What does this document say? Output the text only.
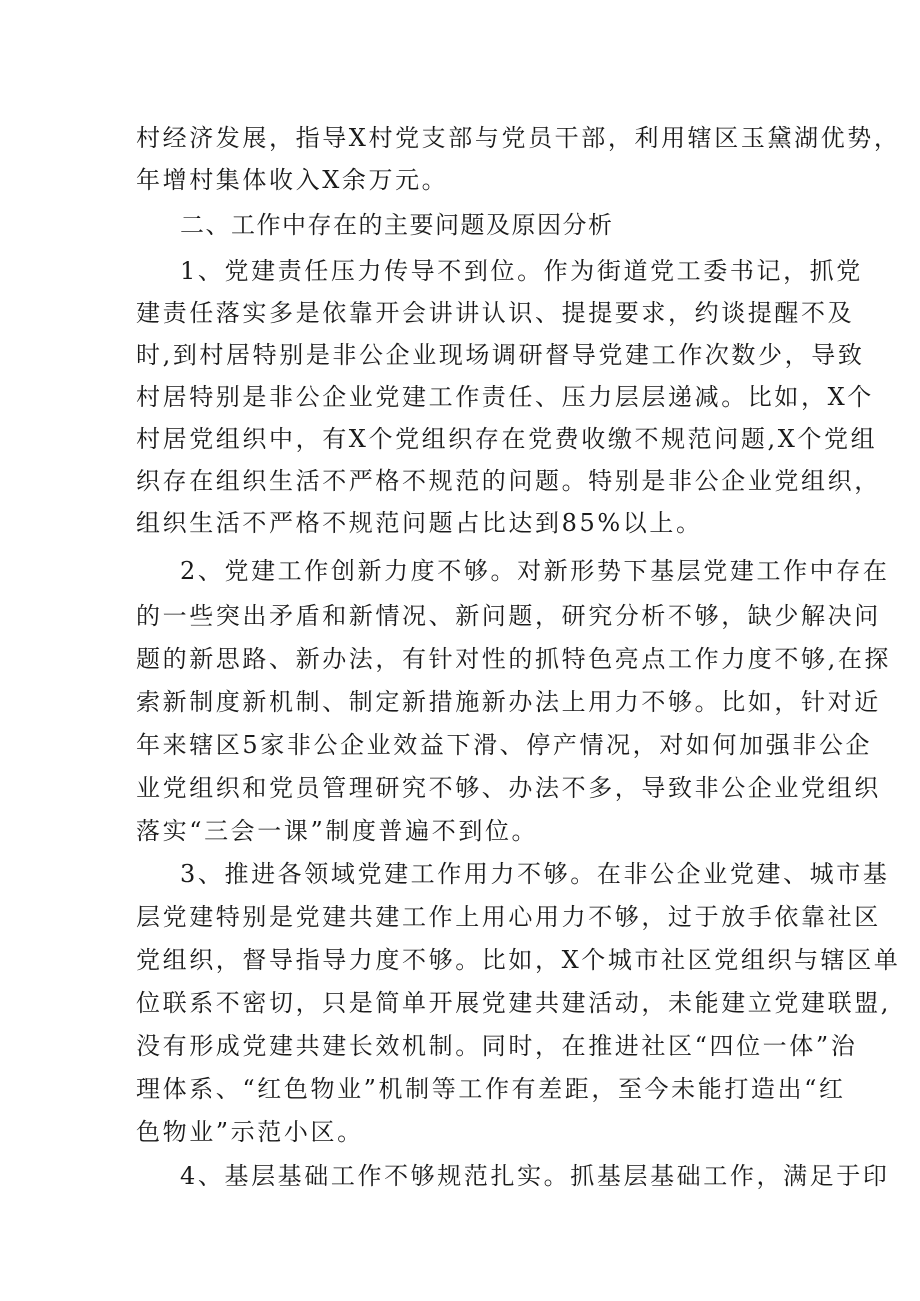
村经济发展，指导X村党支部与党员干部，利用辖区玉黛湖优势，
年增村集体收入X余万元。
二、工作中存在的主要问题及原因分析
1、党建责任压力传导不到位。作为街道党工委书记，抓党
建责任落实多是依靠开会讲讲认识、提提要求，约谈提醒不及
时,到村居特别是非公企业现场调研督导党建工作次数少，导致
村居特别是非公企业党建工作责任、压力层层递减。比如，X个
村居党组织中，有X个党组织存在党费收缴不规范问题,X个党组
织存在组织生活不严格不规范的问题。特别是非公企业党组织，
组织生活不严格不规范问题占比达到85%以上。
2、党建工作创新力度不够。对新形势下基层党建工作中存在
的一些突出矛盾和新情况、新问题，研究分析不够，缺少解决问
题的新思路、新办法，有针对性的抓特色亮点工作力度不够,在探
索新制度新机制、制定新措施新办法上用力不够。比如，针对近
年来辖区5家非公企业效益下滑、停产情况，对如何加强非公企
业党组织和党员管理研究不够、办法不多，导致非公企业党组织
落实“三会一课”制度普遍不到位。
3、推进各领域党建工作用力不够。在非公企业党建、城市基
层党建特别是党建共建工作上用心用力不够，过于放手依靠社区
党组织，督导指导力度不够。比如，X个城市社区党组织与辖区单
位联系不密切，只是简单开展党建共建活动，未能建立党建联盟,
没有形成党建共建长效机制。同时，在推进社区“四位一体”治
理体系、“红色物业”机制等工作有差距，至今未能打造出“红
色物业”示范小区。
4、基层基础工作不够规范扎实。抓基层基础工作，满足于印
